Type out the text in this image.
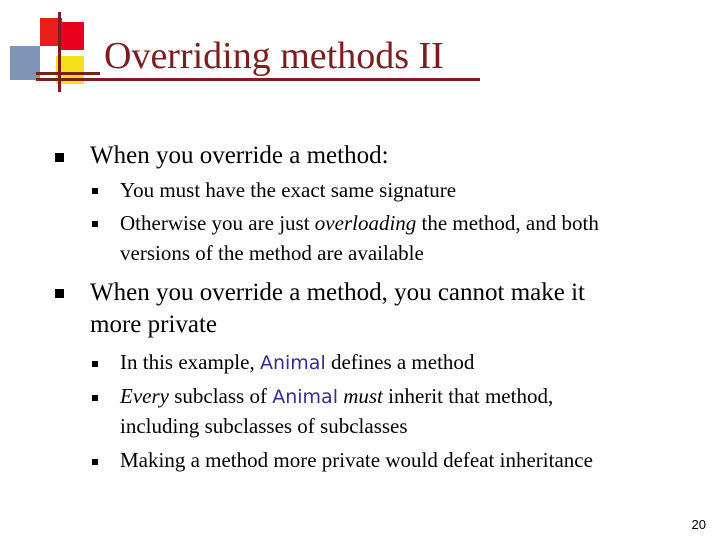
Overriding methods II
When you override a method:
You must have the exact same signature
Otherwise you are just overloading the method, and both
versions of the method are available
When you override a method, you cannot make it
more private
In this example, Animal defines a method
Every subclass of Animal must inherit that method,
including subclasses of subclasses
Making a method more private would defeat inheritance
20
